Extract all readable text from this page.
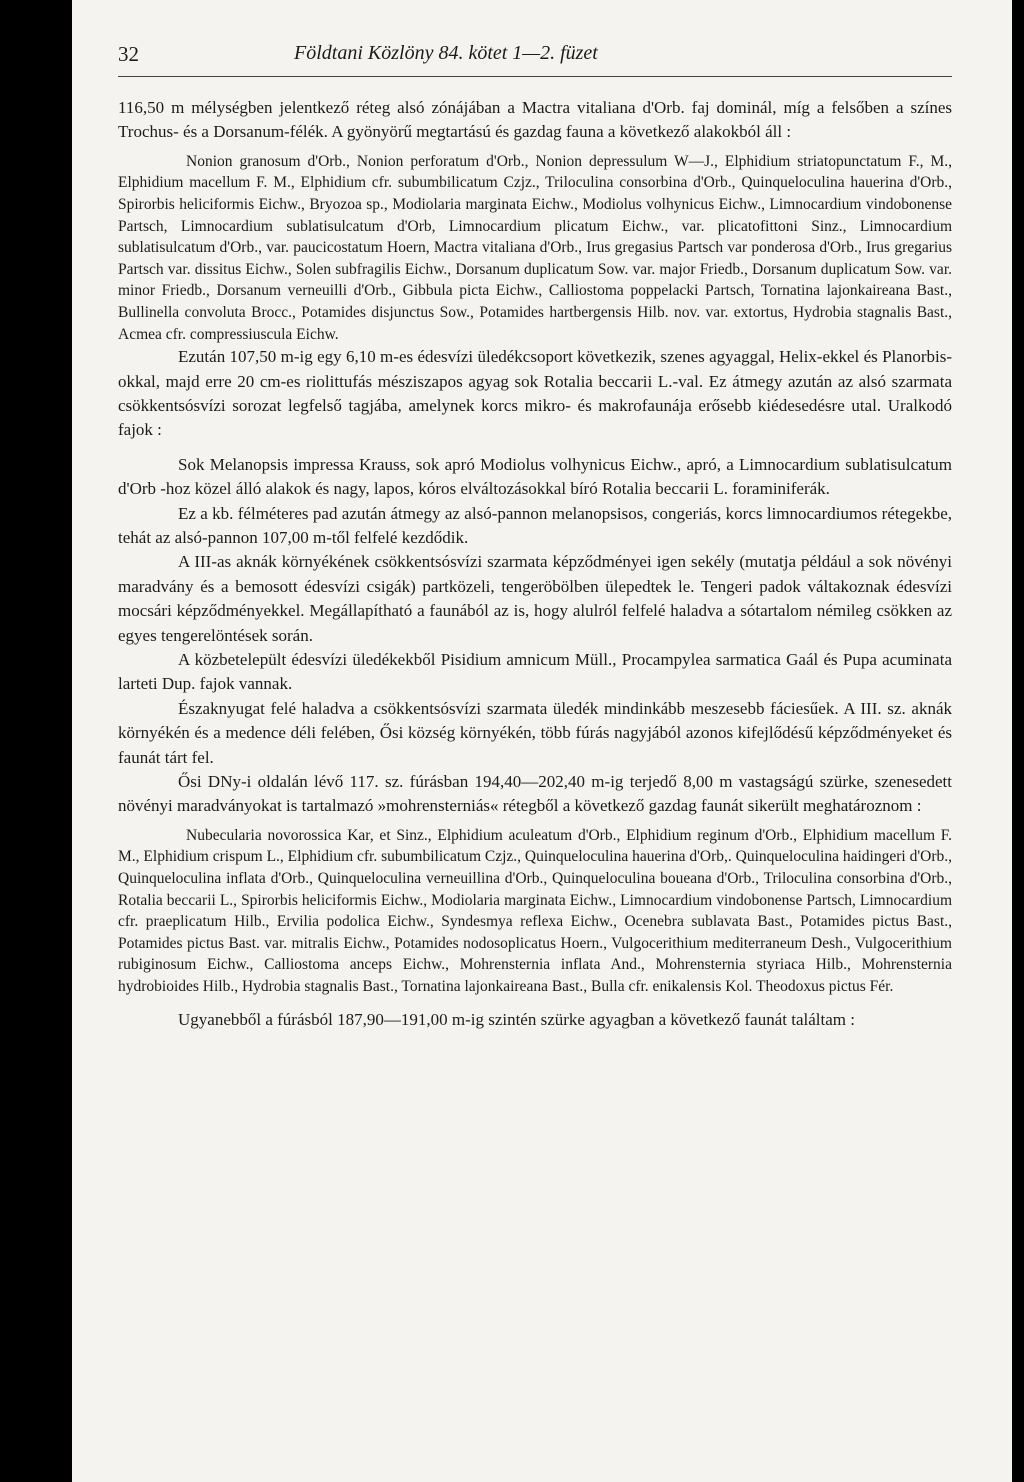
32	Földtani Közlöny 84. kötet 1—2. füzet

116,50 m mélységben jelentkező réteg alsó zónájában a Mactra vitaliana d'Orb. faj dominál, míg a felsőben a színes Trochus- és a Dorsanum-félék. A gyönyörű megtartású és gazdag fauna a következő alakokból áll :

Nonion granosum d'Orb., Nonion perforatum d'Orb., Nonion depressulum W—J., Elphidium striatopunctatum F., M., Elphidium macellum F. M., Elphidium cfr. subumbilicatum Czjz., Triloculina consorbina d'Orb., Quinqueloculina hauerina d'Orb., Spirorbis heliciformis Eichw., Bryozoa sp., Modiolaria marginata Eichw., Modiolus volhynicus Eichw., Limnocardium vindobonense Partsch, Limnocardium sublatisulcatum d'Orb, Limnocardium plicatum Eichw., var. plicatofittoni Sinz., Limnocardium sublatisulcatum d'Orb., var. paucicostatum Hoern, Mactra vitaliana d'Orb., Irus gregasius Partsch var ponderosa d'Orb., Irus gregarius Partsch var. dissitus Eichw., Solen subfragilis Eichw., Dorsanum duplicatum Sow. var. major Friedb., Dorsanum duplicatum Sow. var. minor Friedb., Dorsanum verneuilli d'Orb., Gibbula picta Eichw., Calliostoma poppelacki Partsch, Tornatina lajonkaireana Bast., Bullinella convoluta Brocc., Potamides disjunctus Sow., Potamides hartbergensis Hilb. nov. var. extortus, Hydrobia stagnalis Bast., Acmea cfr. compressiuscula Eichw.

Ezután 107,50 m-ig egy 6,10 m-es édesvízi üledékcsoport következik, szenes agyaggal, Helix-ekkel és Planorbis-okkal, majd erre 20 cm-es riolittufás mésziszapos agyag sok Rotalia beccarii L.-val. Ez átmegy azután az alsó szarmata csökkentsósvízi sorozat legfelső tagjába, amelynek korcs mikro- és makrofaunája erősebb kiédesedésre utal. Uralkodó fajok :

Sok Melanopsis impressa Krauss, sok apró Modiolus volhynicus Eichw., apró, a Limnocardium sublatisulcatum d'Orb -hoz közel álló alakok és nagy, lapos, kóros elváltozásokkal bíró Rotalia beccarii L. foraminiferák.

Ez a kb. félméteres pad azután átmegy az alsó-pannon melanopsisos, congeriás, korcs limnocardiumos rétegekbe, tehát az alsó-pannon 107,00 m-től felfelé kezdődik.

A III-as aknák környékének csökkentsósvízi szarmata képződményei igen sekély (mutatja például a sok növényi maradvány és a bemosott édesvízi csigák) partközeli, tengeröbölben ülepedtek le. Tengeri padok váltakoznak édesvízi mocsári képződményekkel. Megállapítható a faunából az is, hogy alulról felfelé haladva a sótartalom némileg csökken az egyes tengerelöntések során.

A közbetelepült édesvízi üledékekből Pisidium amnicum Müll., Procampylea sarmatica Gaál és Pupa acuminata larteti Dup. fajok vannak.

Északnyugat felé haladva a csökkentsósvízi szarmata üledék mindinkább meszesebb fáciesűek. A III. sz. aknák környékén és a medence déli felében, Ősi község környékén, több fúrás nagyjából azonos kifejlődésű képződményeket és faunát tárt fel.

Ősi DNy-i oldalán lévő 117. sz. fúrásban 194,40—202,40 m-ig terjedő 8,00 m vastagságú szürke, szenesedett növényi maradványokat is tartalmazó »mohrensterniás« rétegből a következő gazdag faunát sikerült meghatároznom :

Nubecularia novorossica Kar, et Sinz., Elphidium aculeatum d'Orb., Elphidium reginum d'Orb., Elphidium macellum F. M., Elphidium crispum L., Elphidium cfr. subumbilicatum Czjz., Quinqueloculina hauerina d'Orb,. Quinqueloculina haidingeri d'Orb., Quinqueloculina inflata d'Orb., Quinqueloculina verneuillina d'Orb., Quinqueloculina boueana d'Orb., Triloculina consorbina d'Orb., Rotalia beccarii L., Spirorbis heliciformis Eichw., Modiolaria marginata Eichw., Limnocardium vindobonense Partsch, Limnocardium cfr. praeplicatum Hilb., Ervilia podolica Eichw., Syndesmya reflexa Eichw., Ocenebra sublavata Bast., Potamides pictus Bast., Potamides pictus Bast. var. mitralis Eichw., Potamides nodosoplicatus Hoern., Vulgocerithium mediterraneum Desh., Vulgocerithium rubiginosum Eichw., Calliostoma anceps Eichw., Mohrensternia inflata And., Mohrensternia styriaca Hilb., Mohrensternia hydrobioides Hilb., Hydrobia stagnalis Bast., Tornatina lajonkaireana Bast., Bulla cfr. enikalensis Kol. Theodoxus pictus Fér.

Ugyanebből a fúrásból 187,90—191,00 m-ig szintén szürke agyagban a következő faunát találtam :
